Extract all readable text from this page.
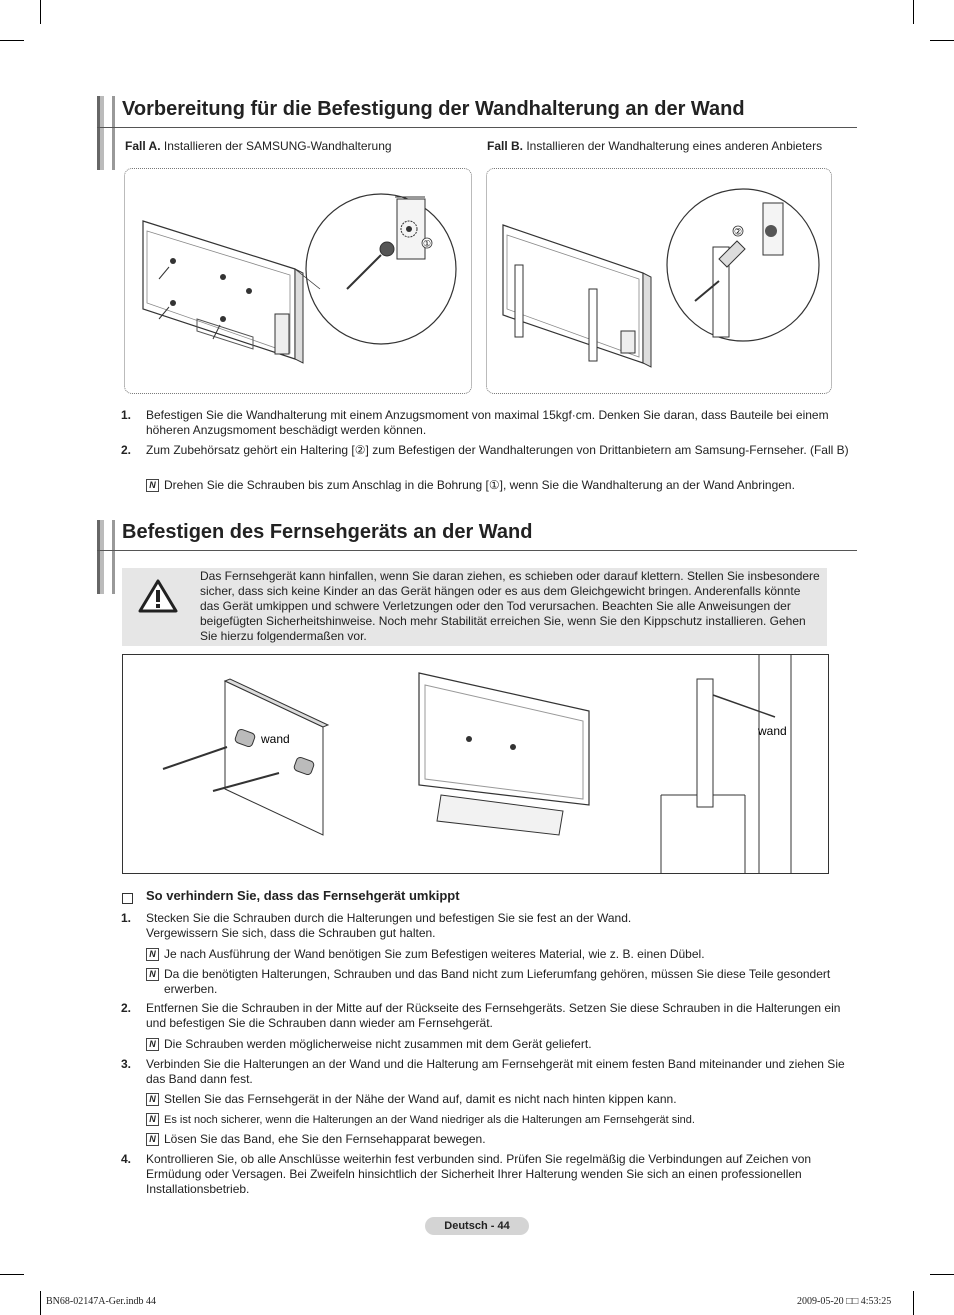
Vorbereitung für die Befestigung der Wandhalterung an der Wand
Fall A. Installieren der SAMSUNG-Wandhalterung	Fall B. Installieren der Wandhalterung eines anderen Anbieters
①
②
1. Befestigen Sie die Wandhalterung mit einem Anzugsmoment von maximal 15kgf·cm. Denken Sie daran, dass Bauteile bei einem höheren Anzugsmoment beschädigt werden können.
2. Zum Zubehörsatz gehört ein Haltering [②] zum Befestigen der Wandhalterungen von Drittanbietern am Samsung-Fernseher. (Fall B)
N Drehen Sie die Schrauben bis zum Anschlag in die Bohrung [①], wenn Sie die Wandhalterung an der Wand Anbringen.
Befestigen des Fernsehgeräts an der Wand
Das Fernsehgerät kann hinfallen, wenn Sie daran ziehen, es schieben oder darauf klettern. Stellen Sie insbesondere sicher, dass sich keine Kinder an das Gerät hängen oder es aus dem Gleichgewicht bringen. Anderenfalls könnte das Gerät umkippen und schwere Verletzungen oder den Tod verursachen. Beachten Sie alle Anweisungen der beigefügten Sicherheitshinweise. Noch mehr Stabilität erreichen Sie, wenn Sie den Kippschutz installieren. Gehen Sie hierzu folgendermaßen vor.
wand
wand
So verhindern Sie, dass das Fernsehgerät umkippt
1. Stecken Sie die Schrauben durch die Halterungen und befestigen Sie sie fest an der Wand. Vergewissern Sie sich, dass die Schrauben gut halten.
N Je nach Ausführung der Wand benötigen Sie zum Befestigen weiteres Material, wie z. B. einen Dübel.
N Da die benötigten Halterungen, Schrauben und das Band nicht zum Lieferumfang gehören, müssen Sie diese Teile gesondert erwerben.
2. Entfernen Sie die Schrauben in der Mitte auf der Rückseite des Fernsehgeräts. Setzen Sie diese Schrauben in die Halterungen ein und befestigen Sie die Schrauben dann wieder am Fernsehgerät.
N Die Schrauben werden möglicherweise nicht zusammen mit dem Gerät geliefert.
3. Verbinden Sie die Halterungen an der Wand und die Halterung am Fernsehgerät mit einem festen Band miteinander und ziehen Sie das Band dann fest.
N Stellen Sie das Fernsehgerät in der Nähe der Wand auf, damit es nicht nach hinten kippen kann.
N Es ist noch sicherer, wenn die Halterungen an der Wand niedriger als die Halterungen am Fernsehgerät sind.
N Lösen Sie das Band, ehe Sie den Fernsehapparat bewegen.
4. Kontrollieren Sie, ob alle Anschlüsse weiterhin fest verbunden sind. Prüfen Sie regelmäßig die Verbindungen auf Zeichen von Ermüdung oder Versagen. Bei Zweifeln hinsichtlich der Sicherheit Ihrer Halterung wenden Sie sich an einen professionellen Installationsbetrieb.
Deutsch - 44
BN68-02147A-Ger.indb 44	2009-05-20 □□ 4:53:25
